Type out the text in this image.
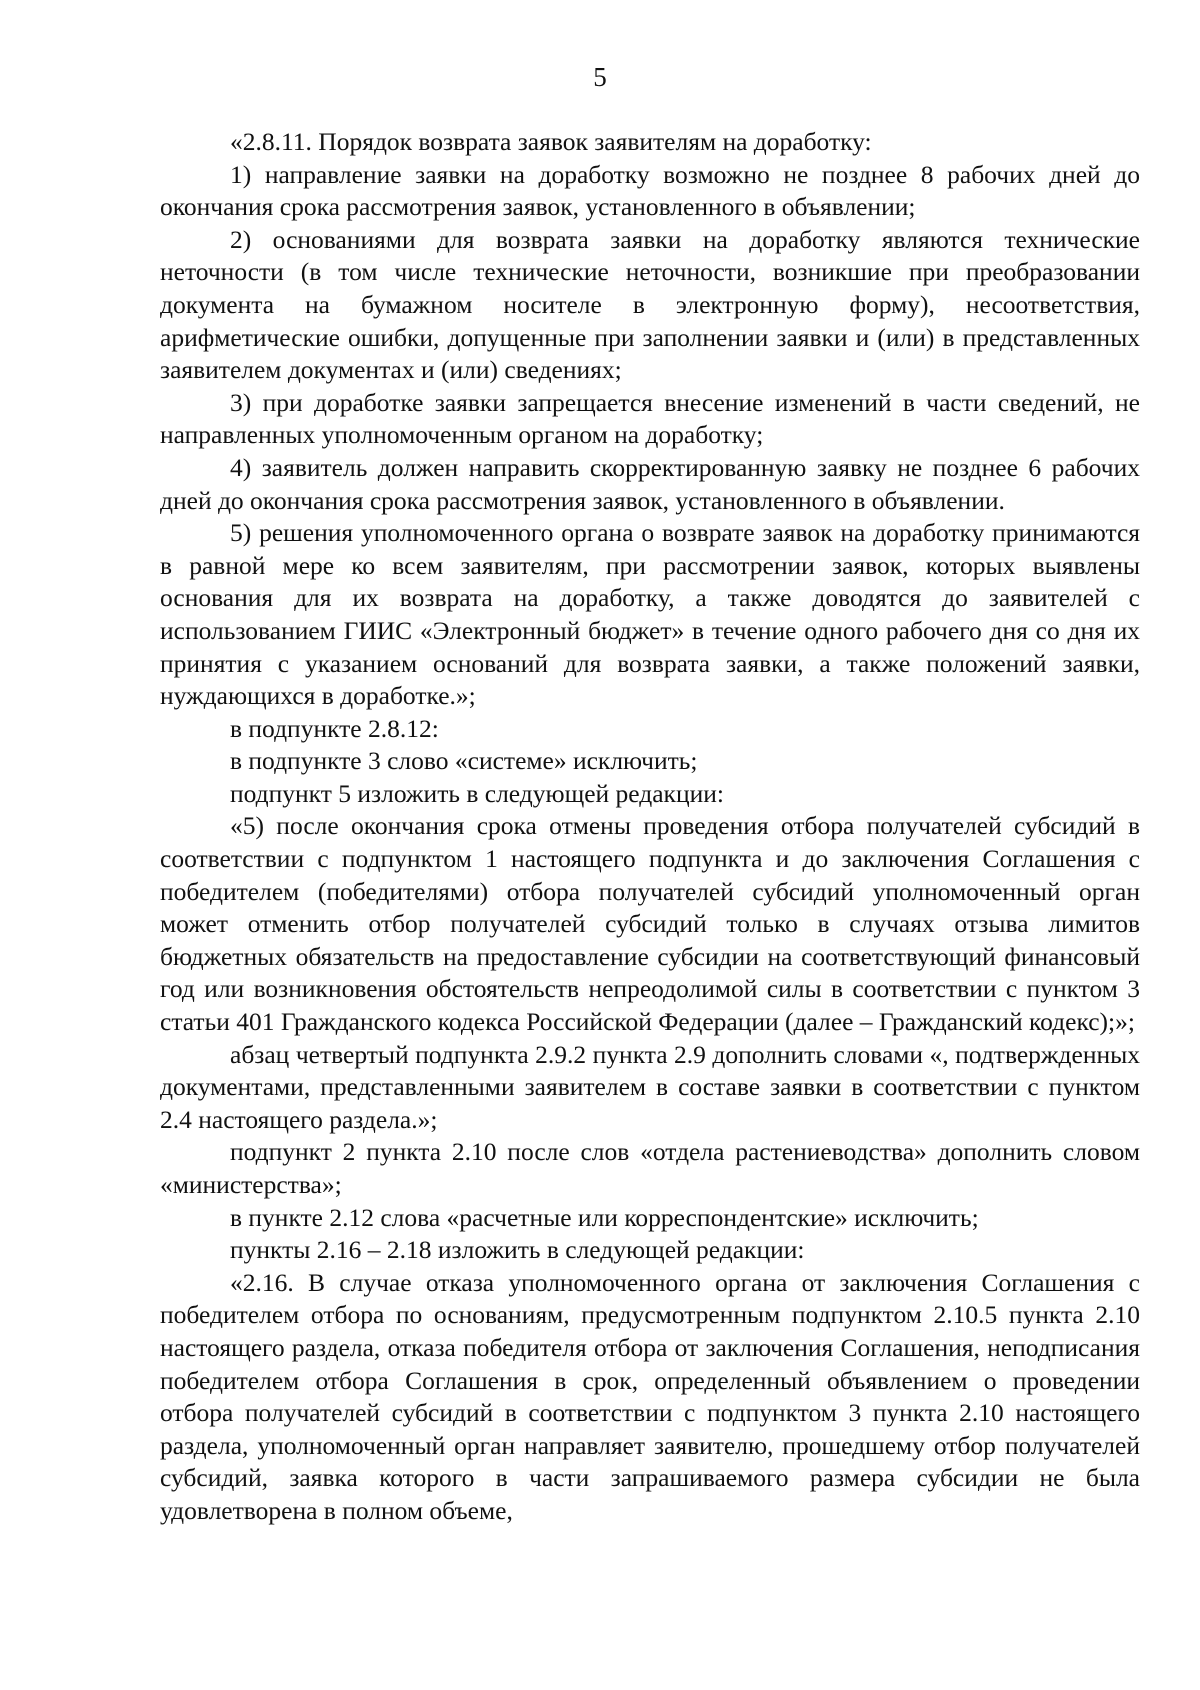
5

«2.8.11. Порядок возврата заявок заявителям на доработку:

1) направление заявки на доработку возможно не позднее 8 рабочих дней до окончания срока рассмотрения заявок, установленного в объявлении;

2) основаниями для возврата заявки на доработку являются технические неточности (в том числе технические неточности, возникшие при преобразовании документа на бумажном носителе в электронную форму), несоответствия, арифметические ошибки, допущенные при заполнении заявки и (или) в представленных заявителем документах и (или) сведениях;

3) при доработке заявки запрещается внесение изменений в части сведений, не направленных уполномоченным органом на доработку;

4) заявитель должен направить скорректированную заявку не позднее 6 рабочих дней до окончания срока рассмотрения заявок, установленного в объявлении.

5) решения уполномоченного органа о возврате заявок на доработку принимаются в равной мере ко всем заявителям, при рассмотрении заявок, которых выявлены основания для их возврата на доработку, а также доводятся до заявителей с использованием ГИИС «Электронный бюджет» в течение одного рабочего дня со дня их принятия с указанием оснований для возврата заявки, а также положений заявки, нуждающихся в доработке.»;

в подпункте 2.8.12:

в подпункте 3 слово «системе» исключить;

подпункт 5 изложить в следующей редакции:

«5) после окончания срока отмены проведения отбора получателей субсидий в соответствии с подпунктом 1 настоящего подпункта и до заключения Соглашения с победителем (победителями) отбора получателей субсидий уполномоченный орган может отменить отбор получателей субсидий только в случаях отзыва лимитов бюджетных обязательств на предоставление субсидии на соответствующий финансовый год или возникновения обстоятельств непреодолимой силы в соответствии с пунктом 3 статьи 401 Гражданского кодекса Российской Федерации (далее – Гражданский кодекс);»;

абзац четвертый подпункта 2.9.2 пункта 2.9 дополнить словами «, подтвержденных документами, представленными заявителем в составе заявки в соответствии с пунктом 2.4 настоящего раздела.»;

подпункт 2 пункта 2.10 после слов «отдела растениеводства» дополнить словом «министерства»;

в пункте 2.12 слова «расчетные или корреспондентские» исключить;

пункты 2.16 – 2.18 изложить в следующей редакции:

«2.16. В случае отказа уполномоченного органа от заключения Соглашения с победителем отбора по основаниям, предусмотренным подпунктом 2.10.5 пункта 2.10 настоящего раздела, отказа победителя отбора от заключения Соглашения, неподписания победителем отбора Соглашения в срок, определенный объявлением о проведении отбора получателей субсидий в соответствии с подпунктом 3 пункта 2.10 настоящего раздела, уполномоченный орган направляет заявителю, прошедшему отбор получателей субсидий, заявка которого в части запрашиваемого размера субсидии не была удовлетворена в полном объеме,
